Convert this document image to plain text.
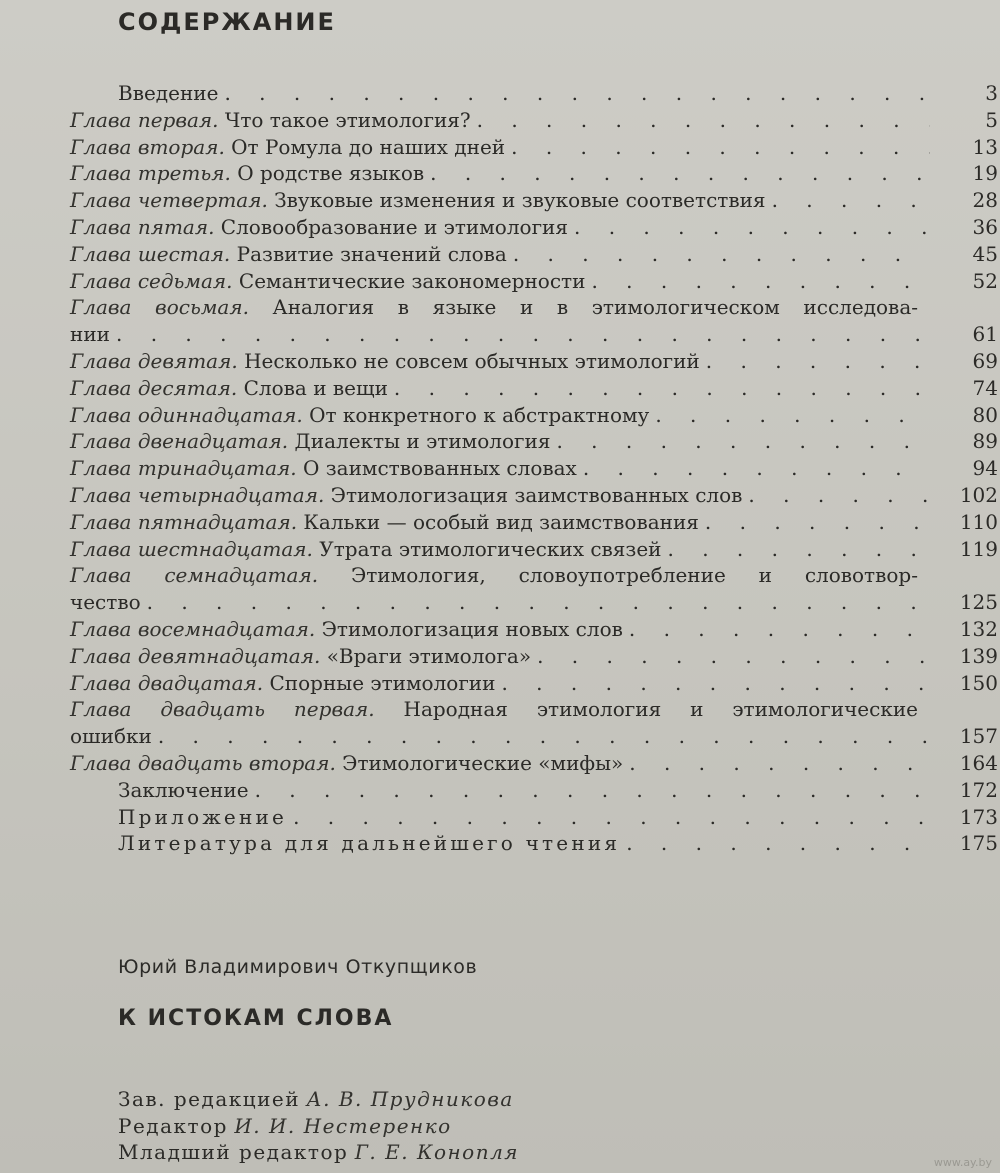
СОДЕРЖАНИЕ
Введение . . .	3
Глава первая. Что такое этимология? . . .	5
Глава вторая. От Ромула до наших дней . . .	13
Глава третья. О родстве языков . . .	19
Глава четвертая. Звуковые изменения и звуковые соответствия . . .	28
Глава пятая. Словообразование и этимология . . .	36
Глава шестая. Развитие значений слова . . .	45
Глава седьмая. Семантические закономерности . . .	52
Глава восьмая. Аналогия в языке и в этимологическом исследова-
нии . . .	61
Глава девятая. Несколько не совсем обычных этимологий . . .	69
Глава десятая. Слова и вещи . . .	74
Глава одиннадцатая. От конкретного к абстрактному . . .	80
Глава двенадцатая. Диалекты и этимология . . .	89
Глава тринадцатая. О заимствованных словах . . .	94
Глава четырнадцатая. Этимологизация заимствованных слов . . .	102
Глава пятнадцатая. Кальки — особый вид заимствования . . .	110
Глава шестнадцатая. Утрата этимологических связей . . .	119
Глава семнадцатая. Этимология, словоупотребление и словотвор-
чество . . .	125
Глава восемнадцатая. Этимологизация новых слов . . .	132
Глава девятнадцатая. «Враги этимолога» . . .	139
Глава двадцатая. Спорные этимологии . . .	150
Глава двадцать первая. Народная этимология и этимологические
ошибки . . .	157
Глава двадцать вторая. Этимологические «мифы» . . .	164
Заключение . . .	172
Приложение . . .	173
Литература для дальнейшего чтения . . .	175
Юрий Владимирович Откупщиков
К ИСТОКАМ СЛОВА
Зав. редакцией А. В. Прудникова
Редактор И. И. Нестеренко
Младший редактор Г. Е. Конопля	www.ay.by
